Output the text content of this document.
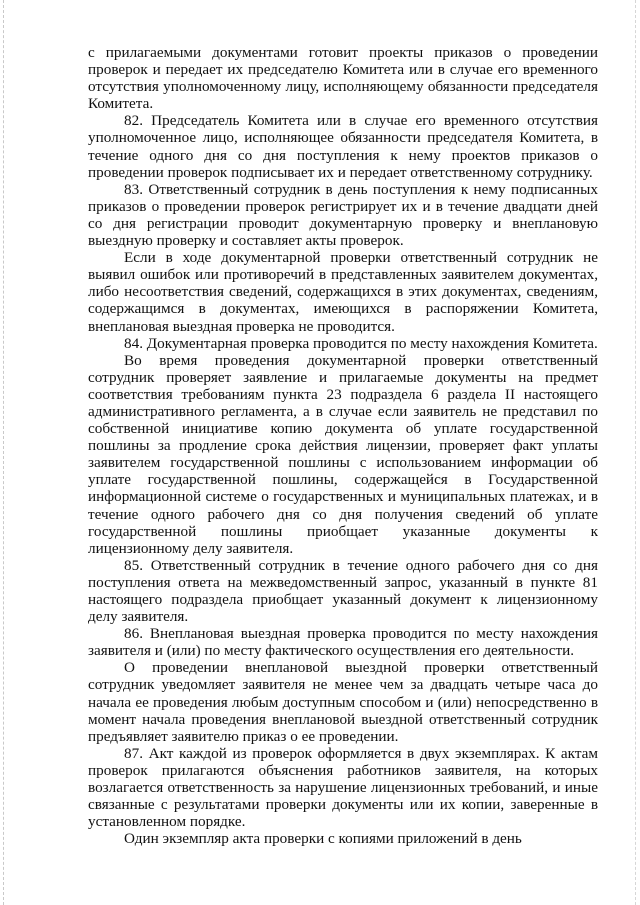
с прилагаемыми документами готовит проекты приказов о проведении проверок и передает их председателю Комитета или в случае его временного отсутствия уполномоченному лицу, исполняющему обязанности председателя Комитета.

82. Председатель Комитета или в случае его временного отсутствия уполномоченное лицо, исполняющее обязанности председателя Комитета, в течение одного дня со дня поступления к нему проектов приказов о проведении проверок подписывает их и передает ответственному сотруднику.

83. Ответственный сотрудник в день поступления к нему подписанных приказов о проведении проверок регистрирует их и в течение двадцати дней со дня регистрации проводит документарную проверку и внеплановую выездную проверку и составляет акты проверок.

Если в ходе документарной проверки ответственный сотрудник не выявил ошибок или противоречий в представленных заявителем документах, либо несоответствия сведений, содержащихся в этих документах, сведениям, содержащимся в документах, имеющихся в распоряжении Комитета, внеплановая выездная проверка не проводится.

84. Документарная проверка проводится по месту нахождения Комитета.

Во время проведения документарной проверки ответственный сотрудник проверяет заявление и прилагаемые документы на предмет соответствия требованиям пункта 23 подраздела 6 раздела II настоящего административного регламента, а в случае если заявитель не представил по собственной инициативе копию документа об уплате государственной пошлины за продление срока действия лицензии, проверяет факт уплаты заявителем государственной пошлины с использованием информации об уплате государственной пошлины, содержащейся в Государственной информационной системе о государственных и муниципальных платежах, и в течение одного рабочего дня со дня получения сведений об уплате государственной пошлины приобщает указанные документы к лицензионному делу заявителя.

85. Ответственный сотрудник в течение одного рабочего дня со дня поступления ответа на межведомственный запрос, указанный в пункте 81 настоящего подраздела приобщает указанный документ к лицензионному делу заявителя.

86. Внеплановая выездная проверка проводится по месту нахождения заявителя и (или) по месту фактического осуществления его деятельности.

О проведении внеплановой выездной проверки ответственный сотрудник уведомляет заявителя не менее чем за двадцать четыре часа до начала ее проведения любым доступным способом и (или) непосредственно в момент начала проведения внеплановой выездной ответственный сотрудник предъявляет заявителю приказ о ее проведении.

87. Акт каждой из проверок оформляется в двух экземплярах. К актам проверок прилагаются объяснения работников заявителя, на которых возлагается ответственность за нарушение лицензионных требований, и иные связанные с результатами проверки документы или их копии, заверенные в установленном порядке.

Один экземпляр акта проверки с копиями приложений в день
